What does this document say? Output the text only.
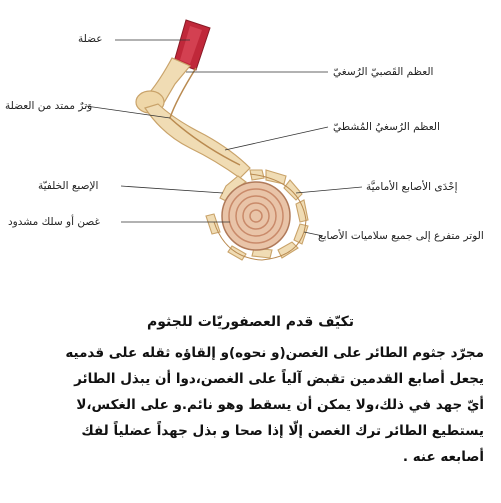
عضلة
العظم القَصبيّ الرُسغيّ
وَترٌ ممتد من العضلة
العظم الرُسغيُ المُشطيّ
الإصبع الخلفيّة	إحْدَى الأصابع الأماميَّة
غصن أو سلك مشدود
الوتر متفرع إلى جميع سلاميات الأصابع
تكيّف قدم العصفوريّات للجثوم
مجرّد جثوم الطائر على الغصن(و نحوه)و إلقاؤه ثقله على قدميه
يجعل أصابع القدمين تقبض آلياً على الغصن،دوا أن يبذل الطائر
أيّ جهد في ذلك،ولا يمكن أن يسقط وهو نائم.و على الغكس،لا
يستطيع الطائر ترك الغصن إلّا إذا صحا و بذل جهداً عضلياً لفك
أصابعه عنه .
